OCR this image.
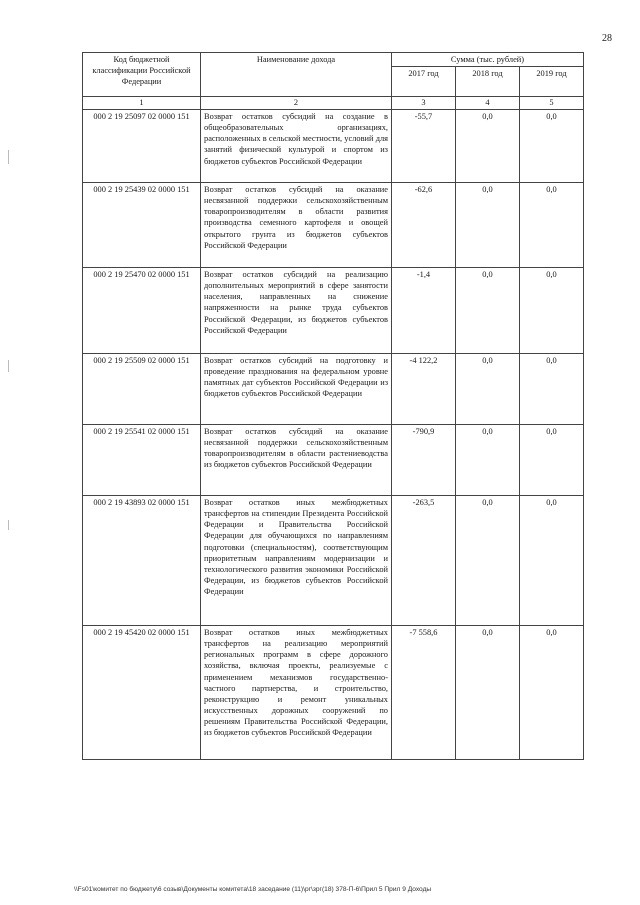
28
Код бюджетной классификации Российской Федерации	Наименование дохода	Сумма (тыс. рублей)		
		2017 год	2018 год	2019 год
1	2	3	4	5
000 2 19 25097 02 0000 151	Возврат остатков субсидий на создание в общеобразовательных организациях, расположенных в сельской местности, условий для занятий физической культурой и спортом из бюджетов субъектов Российской Федерации	-55,7	0,0	0,0
000 2 19 25439 02 0000 151	Возврат остатков субсидий на оказание несвязанной поддержки сельскохозяйственным товаропроизводителям в области развития производства семенного картофеля и овощей открытого грунта из бюджетов субъектов Российской Федерации	-62,6	0,0	0,0
000 2 19 25470 02 0000 151	Возврат остатков субсидий на реализацию дополнительных мероприятий в сфере занятости населения, направленных на снижение напряженности на рынке труда субъектов Российской Федерации, из бюджетов субъектов Российской Федерации	-1,4	0,0	0,0
000 2 19 25509 02 0000 151	Возврат остатков субсидий на подготовку и проведение празднования на федеральном уровне памятных дат субъектов Российской Федерации из бюджетов субъектов Российской Федерации	-4 122,2	0,0	0,0
000 2 19 25541 02 0000 151	Возврат остатков субсидий на оказание несвязанной поддержки сельскохозяйственным товаропроизводителям в области растениеводства из бюджетов субъектов Российской Федерации	-790,9	0,0	0,0
000 2 19 43893 02 0000 151	Возврат остатков иных межбюджетных трансфертов на стипендии Президента Российской Федерации и Правительства Российской Федерации для обучающихся по направлениям подготовки (специальностям), соответствующим приоритетным направлениям модернизации и технологического развития экономики Российской Федерации, из бюджетов субъектов Российской Федерации	-263,5	0,0	0,0
000 2 19 45420 02 0000 151	Возврат остатков иных межбюджетных трансфертов на реализацию мероприятий региональных программ в сфере дорожного хозяйства, включая проекты, реализуемые с применением механизмов государственно-частного партнерства, и строительство, реконструкцию и ремонт уникальных искусственных дорожных сооружений по решениям Правительства Российской Федерации, из бюджетов субъектов Российской Федерации	-7 558,6	0,0	0,0
\\Fs01\комитет по бюджету\6 созыв\Документы комитета\18 заседание (11)\рг\зрг(18) 378-П-6\Прил 5 Прил 9 Доходы
